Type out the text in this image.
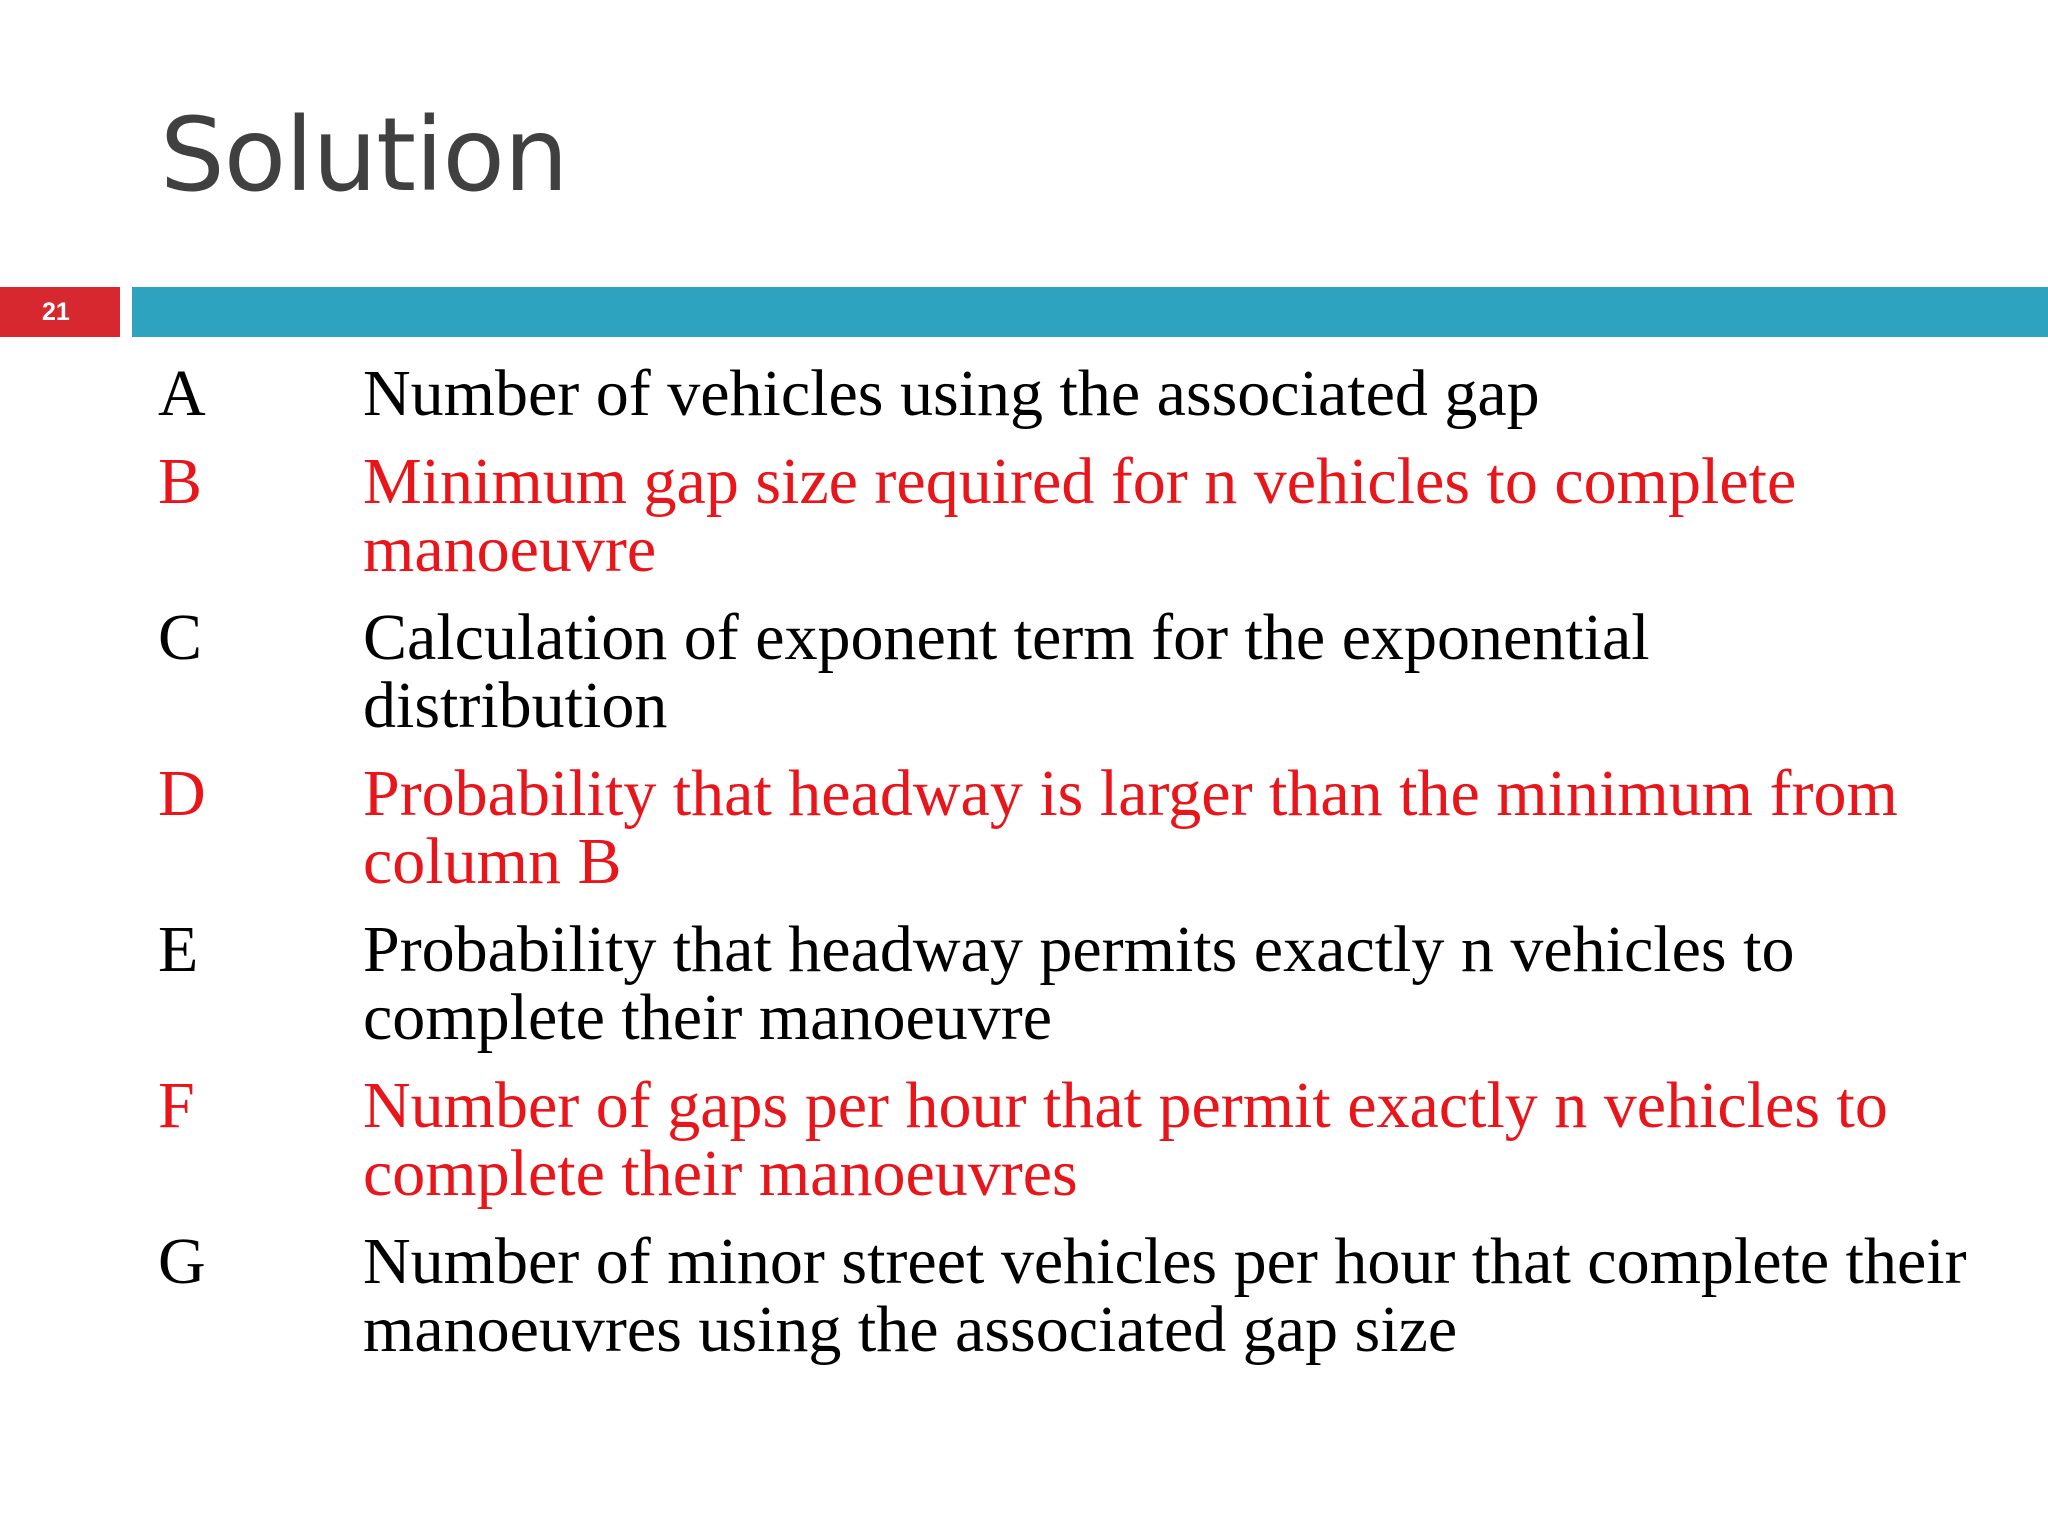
Solution
21
A	Number of vehicles using the associated gap
B	Minimum gap size required for n vehicles to complete manoeuvre
C	Calculation of exponent term for the exponential distribution
D	Probability that headway is larger than the minimum from column B
E	Probability that headway permits exactly n vehicles to complete their manoeuvre
F	Number of gaps per hour that permit exactly n vehicles to complete their manoeuvres
G	Number of minor street vehicles per hour that complete their manoeuvres using the associated gap size
